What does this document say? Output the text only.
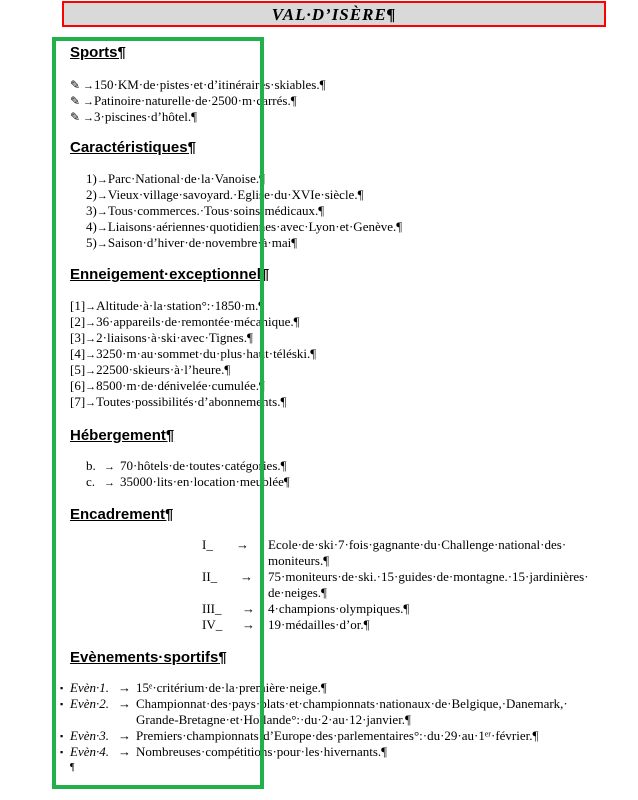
VAL·D’ISÈRE¶
Sports¶
✎ →150·KM·de·pistes·et·d’itinéraires·skiables.¶
✎ →Patinoire·naturelle·de·2500·m·carrés.¶
✎ →3·piscines·d’hôtel.¶
Caractéristiques¶
1)→Parc·National·de·la·Vanoise.¶
2)→Vieux·village·savoyard.·Eglise·du·XVIe·siècle.¶
3)→Tous·commerces.·Tous·soins·médicaux.¶
4)→Liaisons·aériennes·quotidiennes·avec·Lyon·et·Genève.¶
5)→Saison·d’hiver·de·novembre·à·mai¶
Enneigement·exceptionnel¶
[1]→Altitude·à·la·station°:·1850·m.¶
[2]→36·appareils·de·remontée·mécanique.¶
[3]→2·liaisons·à·ski·avec·Tignes.¶
[4]→3250·m·au·sommet·du·plus·haut·téléski.¶
[5]→22500·skieurs·à·l’heure.¶
[6]→8500·m·de·dénivelée·cumulée.¶
[7]→Toutes·possibilités·d’abonnements.¶
Hébergement¶
b. → 70·hôtels·de·toutes·catégories.¶
c. → 35000·lits·en·location·meublée¶
Encadrement¶
I_ → Ecole·de·ski·7·fois·gagnante·du·Challenge·national·des·
moniteurs.¶
II_ → 75·moniteurs·de·ski.·15·guides·de·montagne.·15·jardinières·
de·neiges.¶
III_ → 4·champions·olympiques.¶
IV_ → 19·médailles·d’or.¶
Evènements·sportifs¶
▪ Evèn·1. → 15ᵉ·critérium·de·la·première·neige.¶
▪ Evèn·2. → Championnat·des·pays·plats·et·championnats·nationaux·de·Belgique,·Danemark,·
Grande-Bretagne·et·Hollande°:·du·2·au·12·janvier.¶
▪ Evèn·3. → Premiers·championnats·d’Europe·des·parlementaires°:·du·29·au·1ᵉʳ·février.¶
▪ Evèn·4. → Nombreuses·compétitions·pour·les·hivernants.¶
¶
